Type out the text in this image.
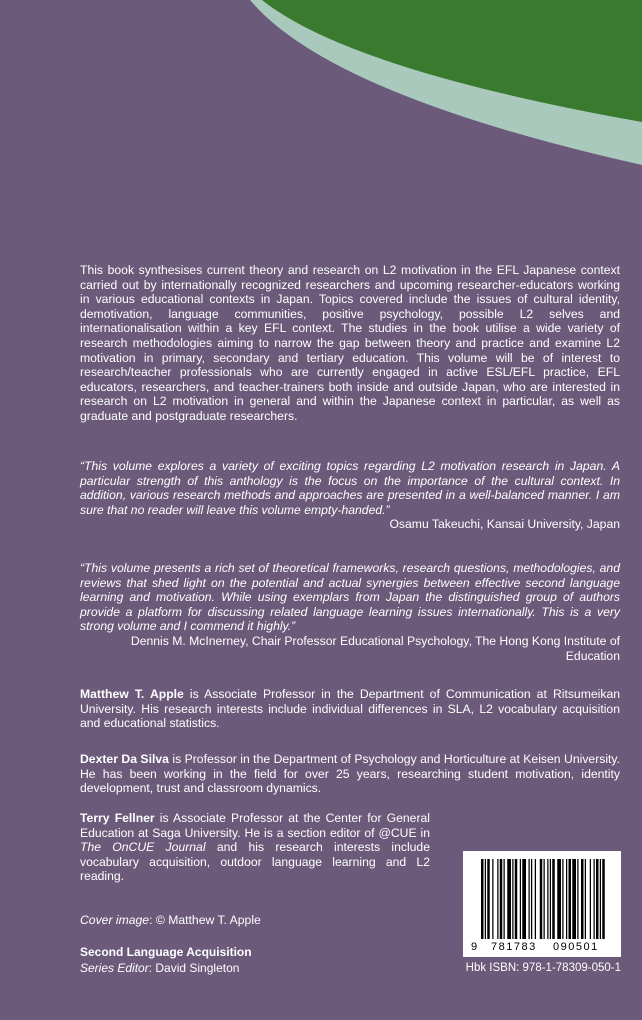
This book synthesises current theory and research on L2 motivation in the EFL Japanese context carried out by internationally recognized researchers and upcoming researcher-educators working in various educational contexts in Japan. Topics covered include the issues of cultural identity, demotivation, language communities, positive psychology, possible L2 selves and internationalisation within a key EFL context. The studies in the book utilise a wide variety of research methodologies aiming to narrow the gap between theory and practice and examine L2 motivation in primary, secondary and tertiary education. This volume will be of interest to research/teacher professionals who are currently engaged in active ESL/EFL practice, EFL educators, researchers, and teacher-trainers both inside and outside Japan, who are interested in research on L2 motivation in general and within the Japanese context in particular, as well as graduate and postgraduate researchers.
“This volume explores a variety of exciting topics regarding L2 motivation research in Japan. A particular strength of this anthology is the focus on the importance of the cultural context. In addition, various research methods and approaches are presented in a well-balanced manner. I am sure that no reader will leave this volume empty-handed.”
Osamu Takeuchi, Kansai University, Japan
“This volume presents a rich set of theoretical frameworks, research questions, methodologies, and reviews that shed light on the potential and actual synergies between effective second language learning and motivation. While using exemplars from Japan the distinguished group of authors provide a platform for discussing related language learning issues internationally. This is a very strong volume and I commend it highly.”
Dennis M. McInerney, Chair Professor Educational Psychology, The Hong Kong Institute of Education
Matthew T. Apple is Associate Professor in the Department of Communication at Ritsumeikan University. His research interests include individual differences in SLA, L2 vocabulary acquisition and educational statistics.
Dexter Da Silva is Professor in the Department of Psychology and Horticulture at Keisen University. He has been working in the field for over 25 years, researching student motivation, identity development, trust and classroom dynamics.
Terry Fellner is Associate Professor at the Center for General Education at Saga University. He is a section editor of @CUE in The OnCUE Journal and his research interests include vocabulary acquisition, outdoor language learning and L2 reading.
Cover image: © Matthew T. Apple
Second Language Acquisition
Series Editor: David Singleton
9 781783 090501
Hbk ISBN: 978-1-78309-050-1
